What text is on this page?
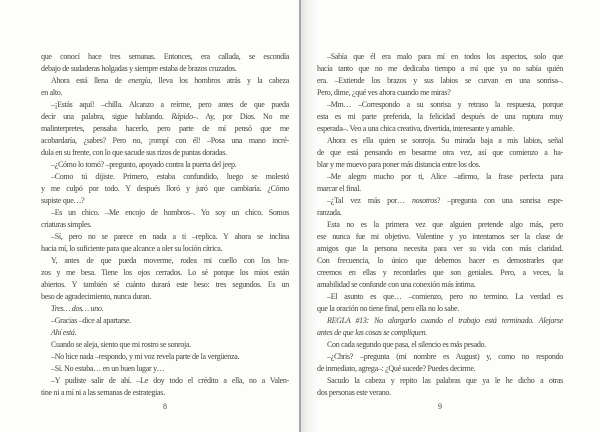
que conocí hace tres semanas. Entonces, era callada, se escondía
debajo de sudaderas holgadas y siempre estaba de brazos cruzados.
Ahora está llena de energía, lleva los hombros atrás y la cabeza
en alto.
–¡Estás aquí! –chilla. Alcanzo a reírme, pero antes de que pueda
decir una palabra, sigue hablando. Rápido–. Ay, por Dios. No me
malinterpretes, pensaba hacerlo, pero parte de mí pensó que me
acobardaría, ¿sabes? Pero no, ¡rompí con él! –Posa una mano incré-
dula en su frente, con lo que sacude sus rizos de puntas doradas.
–¿Cómo lo tomó? –pregunto, apoyado contra la puerta del jeep.
–Como tú dijiste. Primero, estaba confundido, luego se molestó
y me culpó por todo. Y después lloró y juró que cambiaría. ¿Cómo
supiste que…?
–Es un chico. –Me encojo de hombros–. Yo soy un chico. Somos
criaturas simples.
–Sí, pero no se parece en nada a ti –replica. Y ahora se inclina
hacia mí, lo suficiente para que alcance a oler su loción cítrica.
Y, antes de que pueda moverme, rodea mi cuello con los bra-
zos y me besa. Tiene los ojos cerrados. Lo sé porque los míos están
abiertos. Y también sé cuánto durará este beso: tres segundos. Es un
beso de agradecimiento, nunca duran.
Tres… dos… uno.
–Gracias –dice al apartarse.
Ahí está.
Cuando se aleja, siento que mi rostro se sonroja.
–No hice nada –respondo, y mi voz revela parte de la vergüenza.
–Sí. No estaba… en un buen lugar y…
–Y pudiste salir de ahí. –Le doy todo el crédito a ella, no a Valen-
tine ni a mí ni a las semanas de estrategias.
8
–Sabía que él era malo para mí en todos los aspectos, solo que
hacía tanto que no me dedicaba tiempo a mí que ya no sabía quién
era. –Extiende los brazos y sus labios se curvan en una sonrisa–.
Pero, dime, ¿qué ves ahora cuando me miras?
–Mm… –Correspondo a su sonrisa y retraso la respuesta, porque
esta es mi parte preferida, la felicidad después de una ruptura muy
esperada–. Veo a una chica creativa, divertida, interesante y amable.
Ahora es ella quien se sonroja. Su mirada baja a mis labios, señal
de que está pensando en besarme otra vez, así que comienzo a ha-
blar y me muevo para poner más distancia entre los dos.
–Me alegro mucho por ti, Alice –afirmo, la frase perfecta para
marcar el final.
–¿Tal vez más por… nosotros? –pregunta con una sonrisa espe-
ranzada.
Esta no es la primera vez que alguien pretende algo más, pero
ese nunca fue mi objetivo. Valentine y yo intentamos ser la clase de
amigos que la persona necesita para ver su vida con más claridad.
Con frecuencia, lo único que debemos hacer es demostrarles que
creemos en ellas y recordarles que son geniales. Pero, a veces, la
amabilidad se confunde con una conexión más íntima.
–El asunto es que… –comienzo, pero no termino. La verdad es
que la oración no tiene final, pero ella no lo sabe.
REGLA #13: No alargarlo cuando el trabajo está terminado. Alejarse
antes de que las cosas se compliquen.
Con cada segundo que pasa, el silencio es más pesado.
–¿Chris? –pregunta (mi nombre es August) y, como no respondo
de inmediato, agrega–: ¿Qué sucede? Puedes decirme.
Sacudo la cabeza y repito las palabras que ya le he dicho a otras
dos personas este verano.
9
